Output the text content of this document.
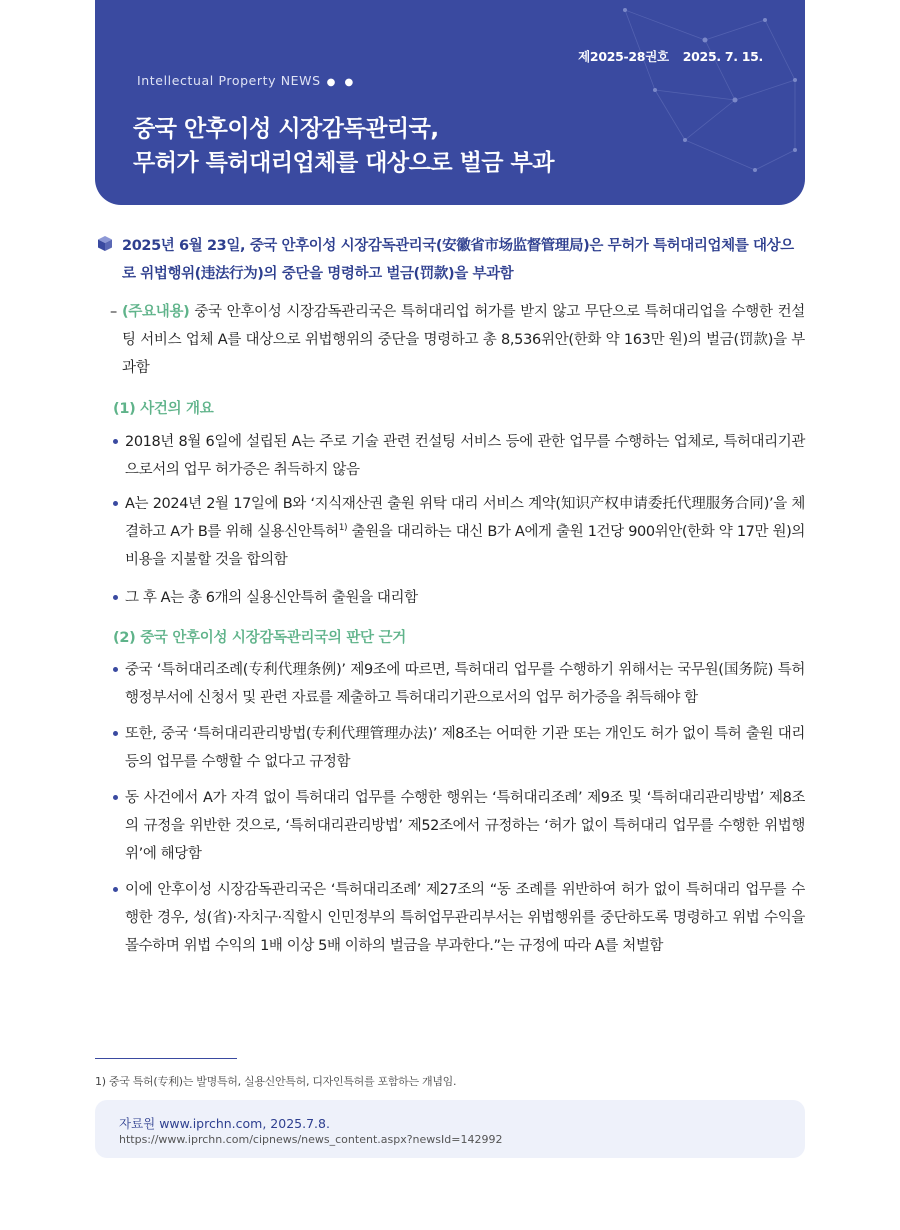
제2025-28권호 2025. 7. 15.
Intellectual Property NEWS ● ●
중국 안후이성 시장감독관리국,
무허가 특허대리업체를 대상으로 벌금 부과
2025년 6월 23일, 중국 안후이성 시장감독관리국(安徽省市场监督管理局)은 무허가 특허대리업체를 대상으로 위법행위(违法行为)의 중단을 명령하고 벌금(罚款)을 부과함
– (주요내용) 중국 안후이성 시장감독관리국은 특허대리업 허가를 받지 않고 무단으로 특허대리업을 수행한 컨설팅 서비스 업체 A를 대상으로 위법행위의 중단을 명령하고 총 8,536위안(한화 약 163만 원)의 벌금(罚款)을 부과함
(1) 사건의 개요
2018년 8월 6일에 설립된 A는 주로 기술 관련 컨설팅 서비스 등에 관한 업무를 수행하는 업체로, 특허대리기관으로서의 업무 허가증은 취득하지 않음
A는 2024년 2월 17일에 B와 ‘지식재산권 출원 위탁 대리 서비스 계약(知识产权申请委托代理服务合同)’을 체결하고 A가 B를 위해 실용신안특허$^{1)}$ 출원을 대리하는 대신 B가 A에게 출원 1건당 900위안(한화 약 17만 원)의 비용을 지불할 것을 합의함
그 후 A는 총 6개의 실용신안특허 출원을 대리함
(2) 중국 안후이성 시장감독관리국의 판단 근거
중국 ‘특허대리조례(专利代理条例)’ 제9조에 따르면, 특허대리 업무를 수행하기 위해서는 국무원(国务院) 특허행정부서에 신청서 및 관련 자료를 제출하고 특허대리기관으로서의 업무 허가증을 취득해야 함
또한, 중국 ‘특허대리관리방법(专利代理管理办法)’ 제8조는 어떠한 기관 또는 개인도 허가 없이 특허 출원 대리 등의 업무를 수행할 수 없다고 규정함
동 사건에서 A가 자격 없이 특허대리 업무를 수행한 행위는 ‘특허대리조례’ 제9조 및 ‘특허대리관리방법’ 제8조의 규정을 위반한 것으로, ‘특허대리관리방법’ 제52조에서 규정하는 ‘허가 없이 특허대리 업무를 수행한 위법행위’에 해당함
이에 안후이성 시장감독관리국은 ‘특허대리조례’ 제27조의 “동 조례를 위반하여 허가 없이 특허대리 업무를 수행한 경우, 성(省)·자치구·직할시 인민정부의 특허업무관리부서는 위법행위를 중단하도록 명령하고 위법 수익을 몰수하며 위법 수익의 1배 이상 5배 이하의 벌금을 부과한다.”는 규정에 따라 A를 처벌함
1) 중국 특허(专利)는 발명특허, 실용신안특허, 디자인특허를 포함하는 개념임.
자료원 www.iprchn.com, 2025.7.8.
https://www.iprchn.com/cipnews/news_content.aspx?newsId=142992
